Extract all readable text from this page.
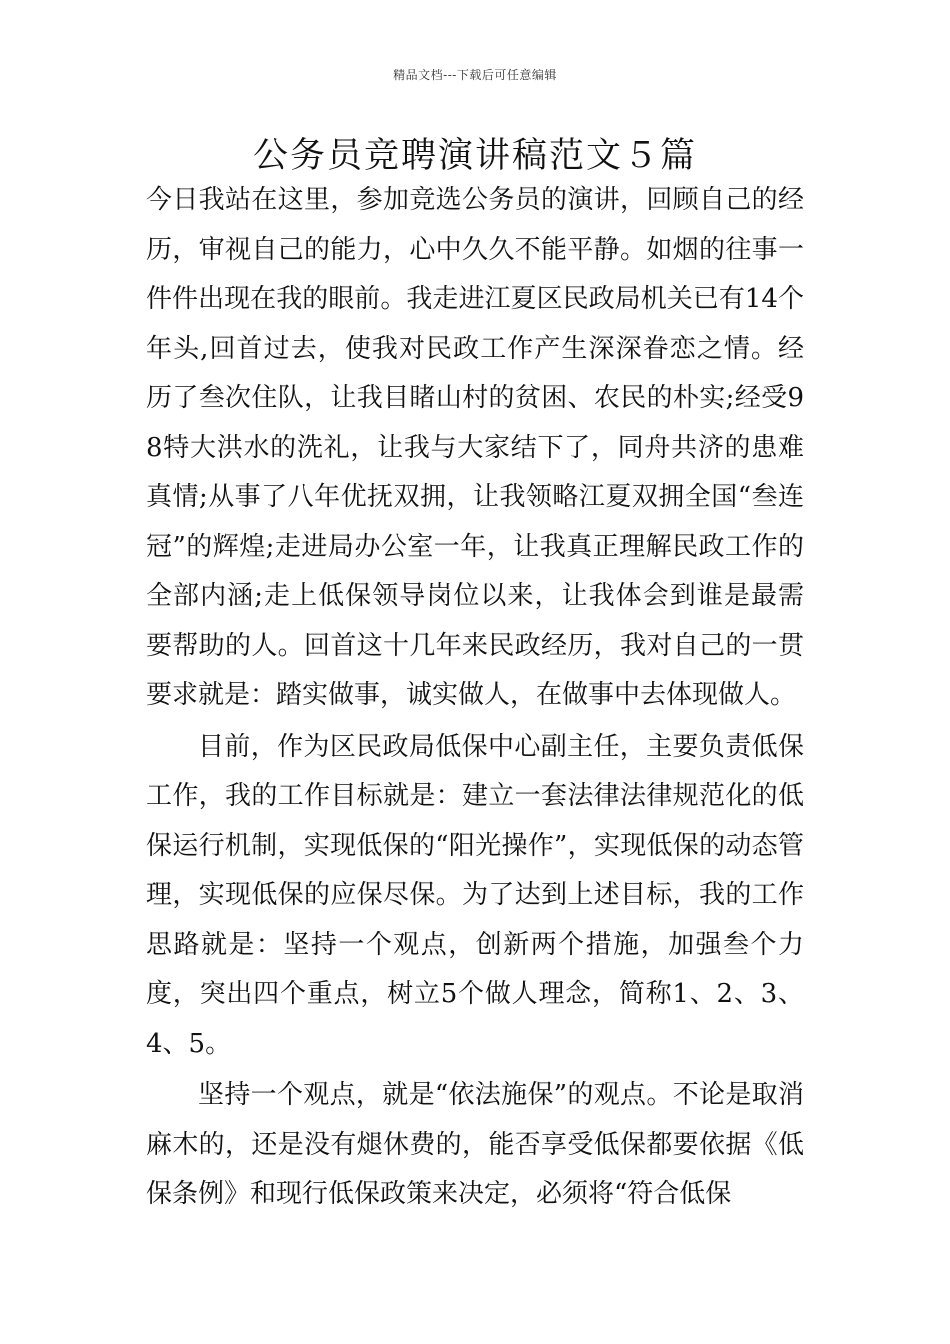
精品文档---下载后可任意编辑
公务员竞聘演讲稿范文５篇

今日我站在这里，参加竞选公务员的演讲，回顾自己的经历，审视自己的能力，心中久久不能平静。如烟的往事一件件出现在我的眼前。我走进江夏区民政局机关已有14个年头,回首过去，使我对民政工作产生深深眷恋之情。经历了叁次住队，让我目睹山村的贫困、农民的朴实;经受98特大洪水的洗礼，让我与大家结下了，同舟共济的患难真情;从事了八年优抚双拥，让我领略江夏双拥全国“叁连冠”的辉煌;走进局办公室一年，让我真正理解民政工作的全部内涵;走上低保领导岗位以来，让我体会到谁是最需要帮助的人。回首这十几年来民政经历，我对自己的一贯要求就是：踏实做事，诚实做人，在做事中去体现做人。

目前，作为区民政局低保中心副主任，主要负责低保工作，我的工作目标就是：建立一套法律法律规范化的低保运行机制，实现低保的“阳光操作”，实现低保的动态管理，实现低保的应保尽保。为了达到上述目标，我的工作思路就是：坚持一个观点，创新两个措施，加强叁个力度，突出四个重点，树立5个做人理念，简称1、2、3、4、5。

坚持一个观点，就是“依法施保”的观点。不论是取消麻木的，还是没有煺休费的，能否享受低保都要依据《低保条例》和现行低保政策来决定，必须将“符合低保
